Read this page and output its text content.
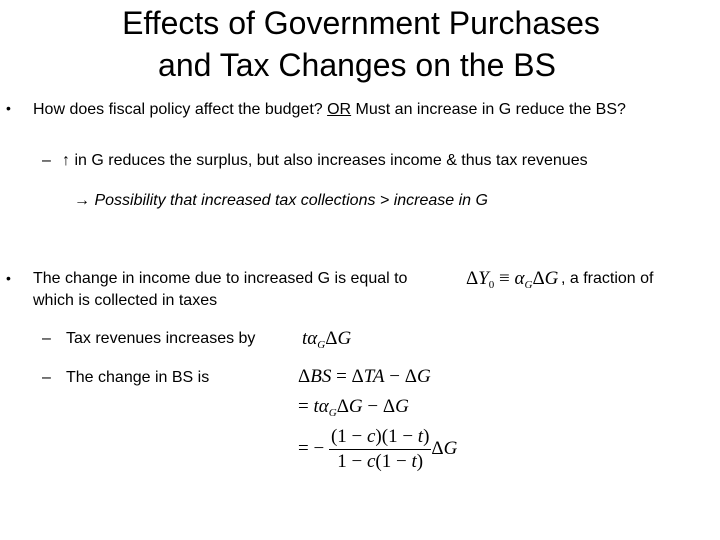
Effects of Government Purchases
and Tax Changes on the BS
• How does fiscal policy affect the budget? OR Must an increase in G reduce the BS?
– ↑ in G reduces the surplus, but also increases income & thus tax revenues
→ Possibility that increased tax collections > increase in G
• The change in income due to increased G is equal to	$\Delta Y_0 \equiv \alpha_G\Delta G$ , a fraction of
which is collected in taxes
– Tax revenues increases by $t\alpha_G\Delta G$
– The change in BS is	ΔBS = ΔTA − ΔG
= $t\alpha_G\Delta G - \Delta G$
= − $\frac{(1 - c)(1 - t)}{1 - c(1 - t)}$ ΔG
